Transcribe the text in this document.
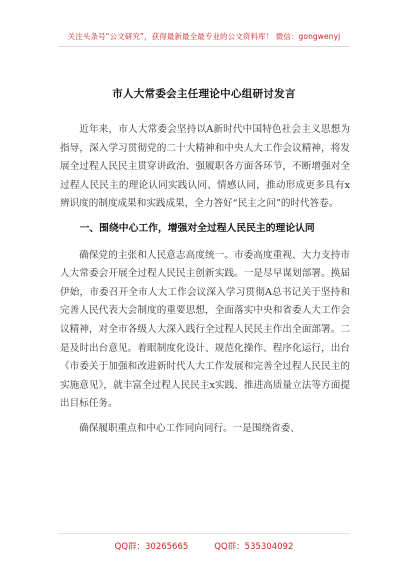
关注头条号“公文研究”，获得最新最全最专业的公文资料库！ 微信：gongwenyj
市人大常委会主任理论中心组研讨发言

近年来，市人大常委会坚持以A新时代中国特色社会主义思想为指导，深入学习贯彻党的二十大精神和中央人大工作会议精神，将发展全过程人民民主贯穿讲政治、强履职各方面各环节，不断增强对全过程人民民主的理论认同实践认同、情感认同，推动形成更多具有x辨识度的制度成果和实践成果，全力答好“民主之问”的时代答卷。

一、围绕中心工作，增强对全过程人民民主的理论认同

确保党的主张和人民意志高度统一。市委高度重视、大力支持市人大常委会开展全过程人民民主创新实践。一是尽早谋划部署。换届伊始，市委召开全市人大工作会议深入学习贯彻A总书记关于坚持和完善人民代表大会制度的重要思想，全面落实中央和省委人大工作会议精神，对全市各级人大深入践行全过程人民民主作出全面部署。二是及时出台意见。着眼制度化设计、规范化操作、程序化运行，出台《市委关于加强和改进新时代人大工作发展和完善全过程人民民主的实施意见》，就丰富全过程人民民主x实践、推进高质量立法等方面提出目标任务。

确保履职重点和中心工作同向同行。一是围绕省委、

QQ群：30265665	QQ群：535304092
